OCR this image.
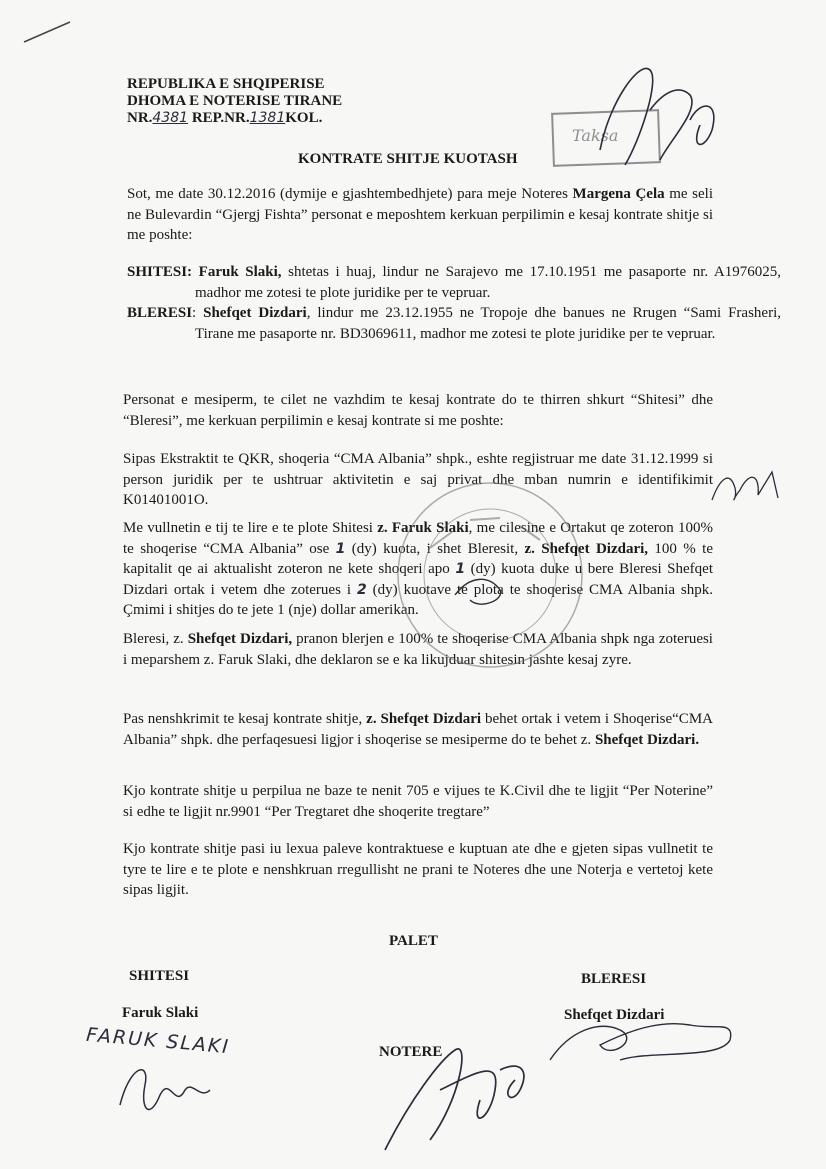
REPUBLIKA E SHQIPERISE
DHOMA E NOTERISE TIRANE
NR.4381 REP.NR.1381KOL.
KONTRATE SHITJE KUOTASH
Sot, me date 30.12.2016 (dymije e gjashtembedhjete) para meje Noteres Margena Çela me seli ne Bulevardin “Gjergj Fishta” personat e meposhtem kerkuan perpilimin e kesaj kontrate shitje si me poshte:
SHITESI: Faruk Slaki, shtetas i huaj, lindur ne Sarajevo me 17.10.1951 me pasaporte nr. A1976025, madhor me zotesi te plote juridike per te vepruar.
BLERESI: Shefqet Dizdari, lindur me 23.12.1955 ne Tropoje dhe banues ne Rrugen “Sami Frasheri, Tirane me pasaporte nr. BD3069611, madhor me zotesi te plote juridike per te vepruar.
Personat e mesiperm, te cilet ne vazhdim te kesaj kontrate do te thirren shkurt “Shitesi” dhe “Bleresi”, me kerkuan perpilimin e kesaj kontrate si me poshte:
Sipas Ekstraktit te QKR, shoqeria “CMA Albania” shpk., eshte regjistruar me date 31.12.1999 si person juridik per te ushtruar aktivitetin e saj privat dhe mban numrin e identifikimit K01401001O.
Me vullnetin e tij te lire e te plote Shitesi z. Faruk Slaki, me cilesine e Ortakut qe zoteron 100% te shoqerise “CMA Albania” ose 1 (dy) kuota, i shet Bleresit, z. Shefqet Dizdari, 100 % te kapitalit qe ai aktualisht zoteron ne kete shoqeri apo 1 (dy) kuota duke u bere Bleresi Shefqet Dizdari ortak i vetem dhe zoterues i 2 (dy) kuotave te plota te shoqerise CMA Albania shpk. Çmimi i shitjes do te jete 1 (nje) dollar amerikan.
Bleresi, z. Shefqet Dizdari, pranon blerjen e 100% te shoqerise CMA Albania shpk nga zoteruesi i meparshem z. Faruk Slaki, dhe deklaron se e ka likujduar shitesin jashte kesaj zyre.
Pas nenshkrimit te kesaj kontrate shitje, z. Shefqet Dizdari behet ortak i vetem i Shoqerise“CMA Albania” shpk. dhe perfaqesuesi ligjor i shoqerise se mesiperme do te behet z. Shefqet Dizdari.
Kjo kontrate shitje u perpilua ne baze te nenit 705 e vijues te K.Civil dhe te ligjit “Per Noterine” si edhe te ligjit nr.9901 “Per Tregtaret dhe shoqerite tregtare”
Kjo kontrate shitje pasi iu lexua paleve kontraktuese e kuptuan ate dhe e gjeten sipas vullnetit te tyre te lire e te plote e nenshkruan rregullisht ne prani te Noteres dhe une Noterja e vertetoj kete sipas ligjit.
PALET
SHITESI	BLERESI
Faruk Slaki	Shefqet Dizdari
FARUK SLAKI	NOTERE
Taksa
